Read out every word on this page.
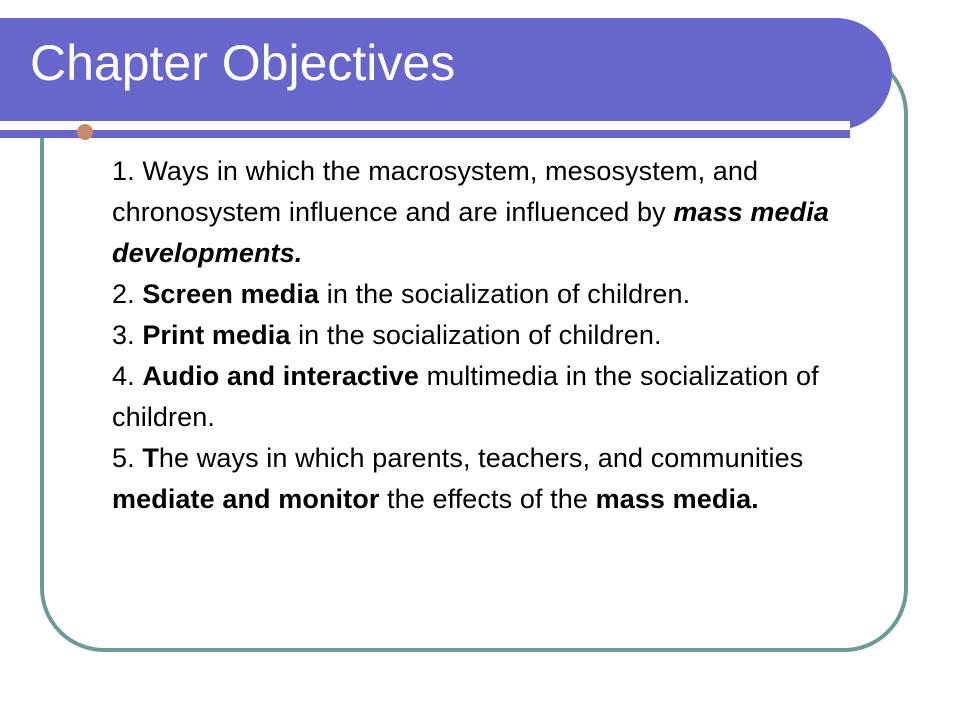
Chapter Objectives

1. Ways in which the macrosystem, mesosystem, and chronosystem influence and are influenced by mass media developments.

2. Screen media in the socialization of children.

3. Print media in the socialization of children.

4. Audio and interactive multimedia in the socialization of children.

5. The ways in which parents, teachers, and communities mediate and monitor the effects of the mass media.
